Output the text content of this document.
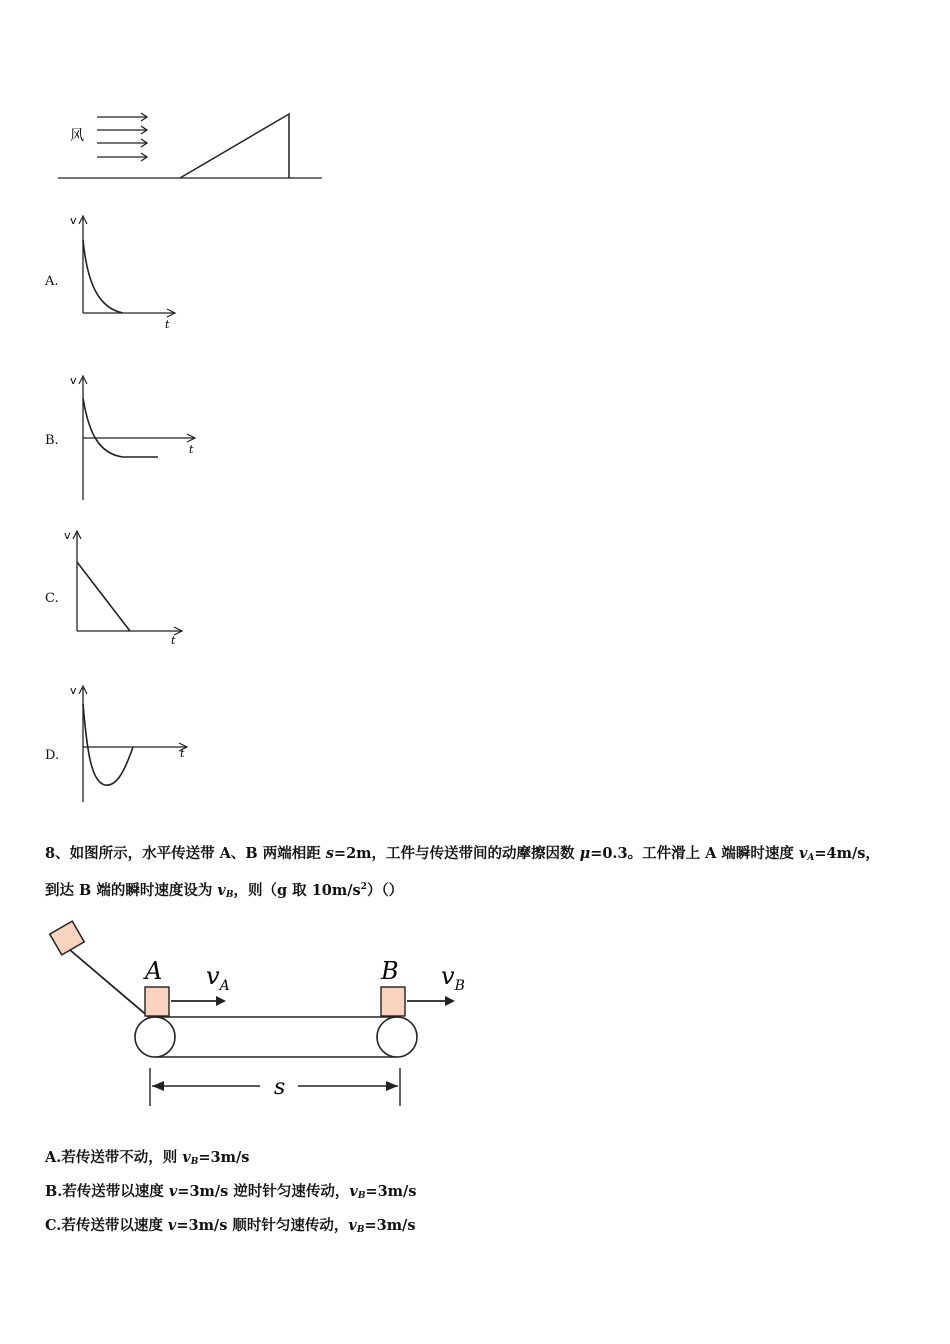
风
A.
v
t
B.
v
t
C.
v
t
D.
v
t
8、如图所示，水平传送带 A、B 两端相距 s=2m，工件与传送带间的动摩擦因数 μ=0.3。工件滑上 A 端瞬时速度 $v_A=4m/s$，
到达 B 端的瞬时速度设为 $v_B$，则（g 取 $10m/s^2)()$
A	B
$v_A$	$v_B$
s
A.若传送带不动，则 $v_B=3m/s$
B.若传送带以速度 v=3m/s 逆时针匀速传动，$v_B=3m/s$
C.若传送带以速度 v=3m/s 顺时针匀速传动，$v_B=3m/s$
